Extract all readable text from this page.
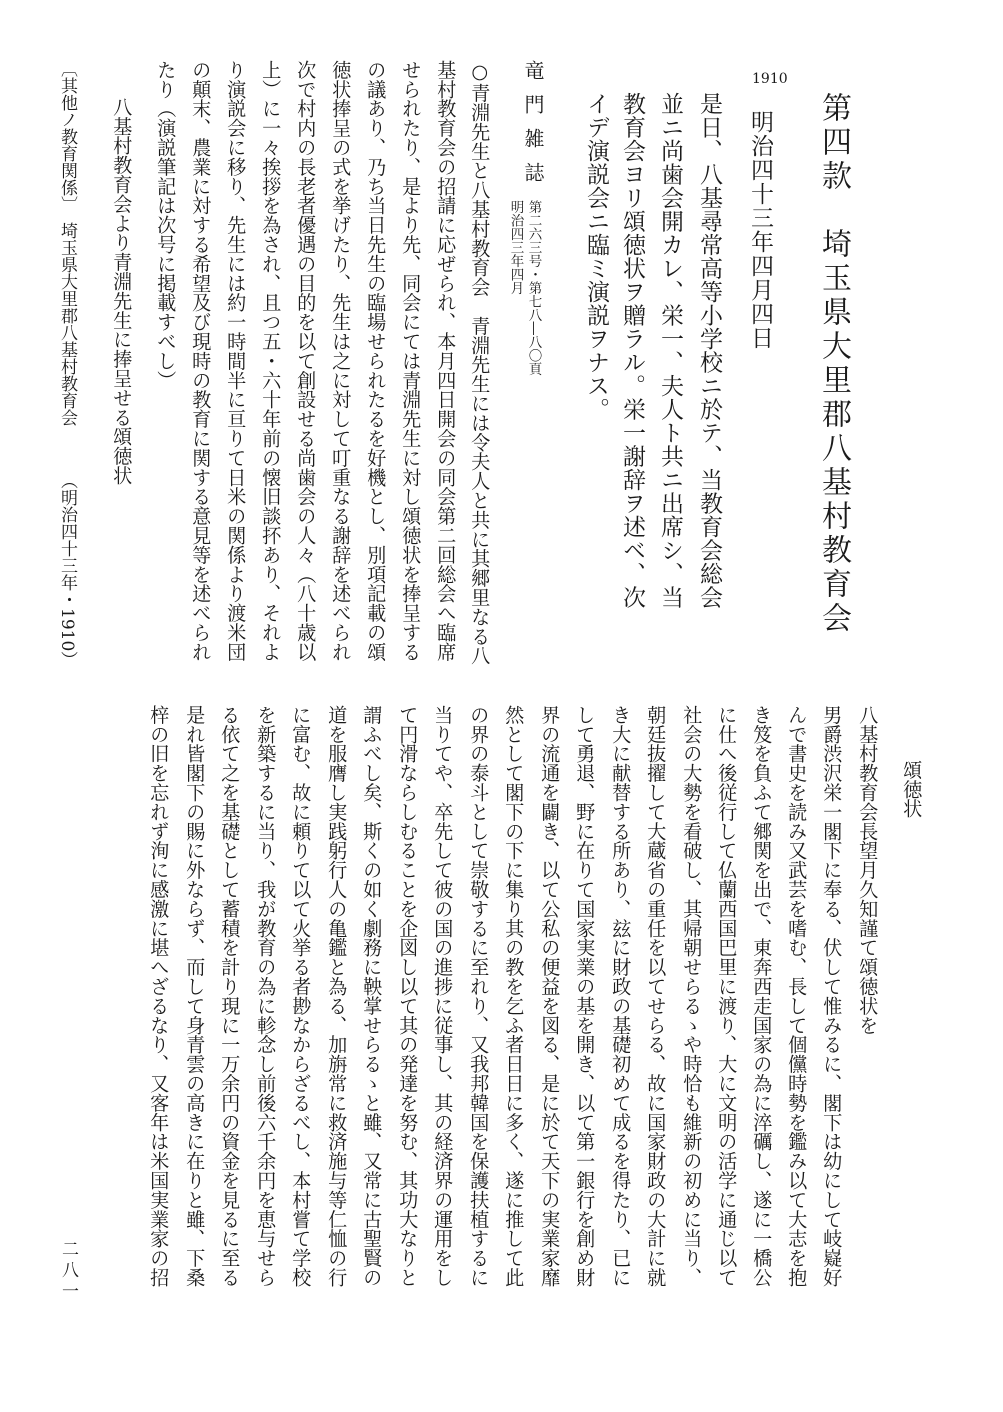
第四款　埼玉県大里郡八基村教育会
1910
明治四十三年四月四日
是日、八基尋常高等小学校ニ於テ、当教育会総会
並ニ尚歯会開カレ、栄一、夫人ト共ニ出席シ、当
教育会ヨリ頌徳状ヲ贈ラル。栄一謝辞ヲ述ベ、次
イデ演説会ニ臨ミ演説ヲナス。
竜門雑誌
第二六三号・第七八―八〇頁
明治四三年四月
○青淵先生と八基村教育会　青淵先生には令夫人と共に其郷里なる八
基村教育会の招請に応ぜられ、本月四日開会の同会第二回総会へ臨席
せられたり、是より先、同会にては青淵先生に対し頌徳状を捧呈する
の議あり、乃ち当日先生の臨場せられたるを好機とし、別項記載の頌
徳状捧呈の式を挙げたり、先生は之に対して叮重なる謝辞を述べられ
次で村内の長老者優遇の目的を以て創設せる尚歯会の人々（八十歳以
上）に一々挨拶を為され、且つ五・六十年前の懐旧談抔あり、それよ
り演説会に移り、先生には約一時間半に亘りて日米の関係より渡米団
の顛末、農業に対する希望及び現時の教育に関する意見等を述べられ
たり（演説筆記は次号に掲載すべし）
八基村教育会より青淵先生に捧呈せる頌徳状
〔其他ノ教育関係〕
埼玉県大里郡八基村教育会
（明治四十三年・1910）
頌徳状
八基村教育会長望月久知謹て頌徳状を
男爵渋沢栄一閣下に奉る、伏して惟みるに、閣下は幼にして岐嶷好
んで書史を読み又武芸を嗜む、長して個儻時勢を鑑み以て大志を抱
き笈を負ふて郷関を出で、東奔西走国家の為に淬礪し、遂に一橋公
に仕へ後従行して仏蘭西国巴里に渡り、大に文明の活学に通じ以て
社会の大勢を看破し、其帰朝せらるゝや時恰も維新の初めに当り、
朝廷抜擢して大蔵省の重任を以てせらる、故に国家財政の大計に就
き大に献替する所あり、玆に財政の基礎初めて成るを得たり、已に
して勇退、野に在りて国家実業の基を開き、以て第一銀行を創め財
界の流通を闢き、以て公私の便益を図る、是に於て天下の実業家靡
然として閣下の下に集り其の教を乞ふ者日日に多く、遂に推して此
の界の泰斗として崇敬するに至れり、又我邦韓国を保護扶植するに
当りてや、卒先して彼の国の進捗に従事し、其の経済界の運用をし
て円滑ならしむることを企図し以て其の発達を努む、其功大なりと
謂ふべし矣、斯くの如く劇務に鞅掌せらるゝと雖、又常に古聖賢の
道を服膺し実践躬行人の亀鑑と為る、加旃常に救済施与等仁恤の行
に富む、故に頼りて以て火挙る者尠なからざるべし、本村嘗て学校
を新築するに当り、我が教育の為に軫念し前後六千余円を恵与せら
る依て之を基礎として蓄積を計り現に一万余円の資金を見るに至る
是れ皆閣下の賜に外ならず、而して身青雲の高きに在りと雖、下桑
梓の旧を忘れず洵に感激に堪へざるなり、又客年は米国実業家の招
二八一
